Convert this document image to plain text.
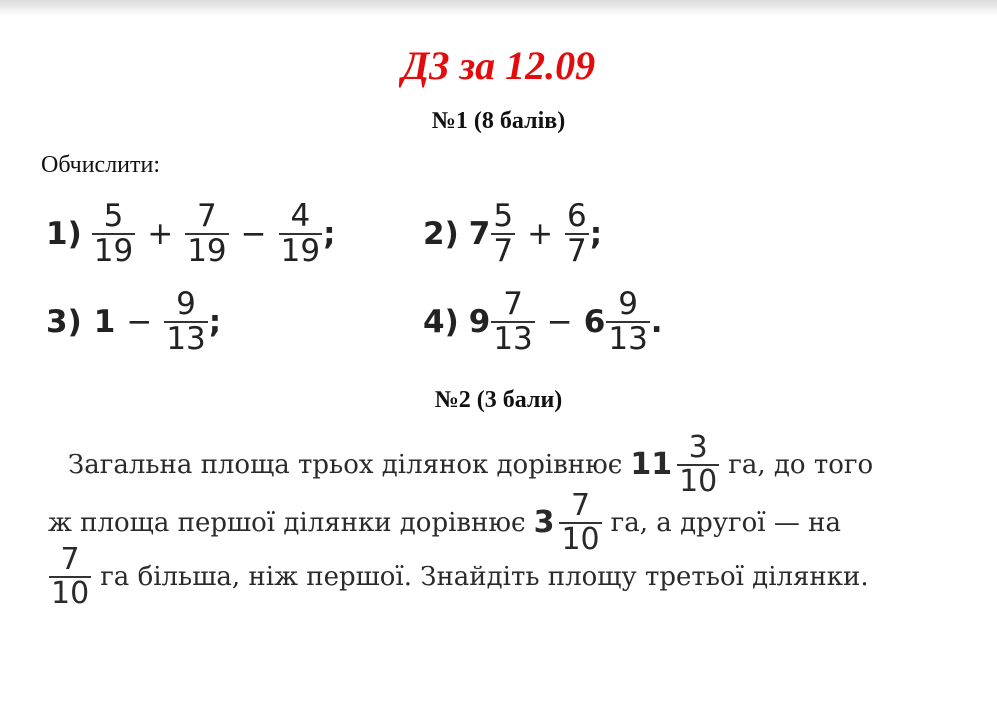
ДЗ за 12.09
№1 (8 балів)
Обчислити:
$1) \frac{5}{19} + \frac{7}{19} - \frac{4}{19}$ ;	2) $7 \frac{5}{7} + \frac{6}{7}$ ;
3) $1 - \frac{9}{13}$ ;	4) $9 \frac{7}{13} - 6 \frac{9}{13}$ .
№2 (3 бали)
Загальна площа трьох ділянок дорівнює $11 \frac{3}{10}$ га, до того
ж площа першої ділянки дорівнює $3 \frac{7}{10}$ га, а другої — на
$\frac{7}{10}$ га більша, ніж першої. Знайдіть площу третьої ділянки.
